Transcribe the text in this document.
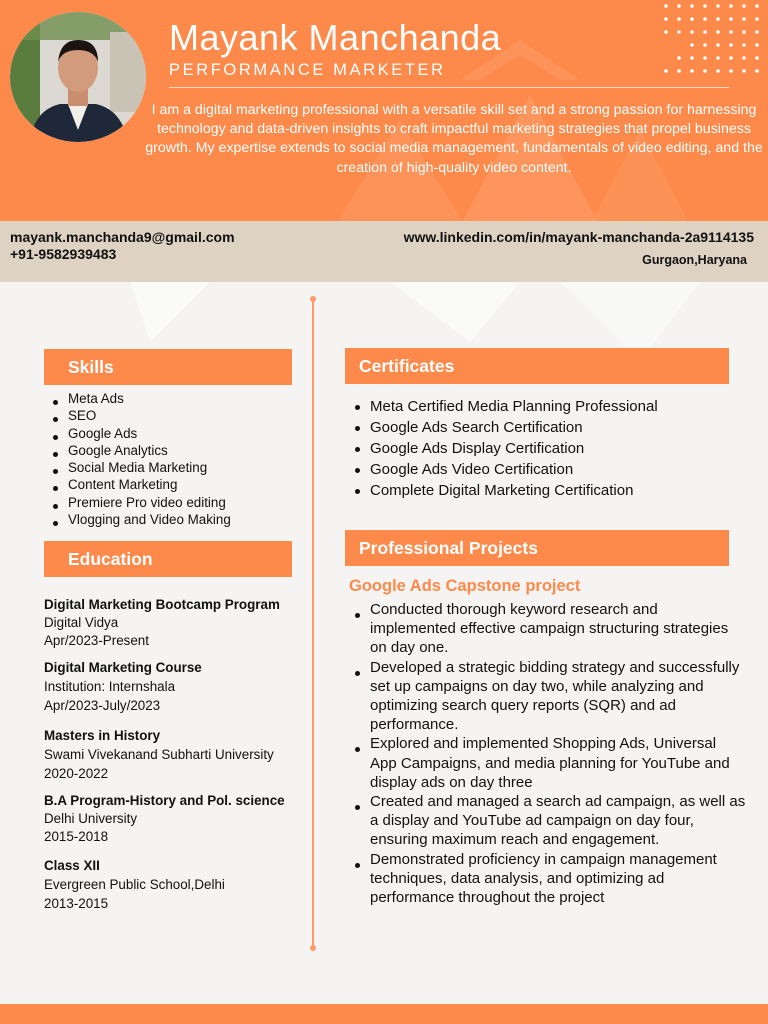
Mayank Manchanda
PERFORMANCE MARKETER
I am a digital marketing professional with a versatile skill set and a strong passion for harnessing technology and data-driven insights to craft impactful marketing strategies that propel business growth. My expertise extends to social media management, fundamentals of video editing, and the creation of high-quality video content.
mayank.manchanda9@gmail.com
+91-9582939483
www.linkedin.com/in/mayank-manchanda-2a9114135
Gurgaon,Haryana
Skills
Meta Ads
SEO
Google Ads
Google Analytics
Social Media Marketing
Content Marketing
Premiere Pro video editing
Vlogging and Video Making
Education
Digital Marketing Bootcamp Program
Digital Vidya
Apr/2023-Present
Digital Marketing Course
Institution: Internshala
Apr/2023-July/2023
Masters in History
Swami Vivekanand Subharti University
2020-2022
B.A Program-History and Pol. science
Delhi University
2015-2018
Class XII
Evergreen Public School,Delhi
2013-2015
Certificates
Meta Certified Media Planning Professional
Google Ads Search Certification
Google Ads Display Certification
Google Ads Video Certification
Complete Digital Marketing Certification
Professional Projects
Google Ads Capstone project
Conducted thorough keyword research and implemented effective campaign structuring strategies on day one.
Developed a strategic bidding strategy and successfully set up campaigns on day two, while analyzing and optimizing search query reports (SQR) and ad performance.
Explored and implemented Shopping Ads, Universal App Campaigns, and media planning for YouTube and display ads on day three
Created and managed a search ad campaign, as well as a display and YouTube ad campaign on day four, ensuring maximum reach and engagement.
Demonstrated proficiency in campaign management techniques, data analysis, and optimizing ad performance throughout the project
